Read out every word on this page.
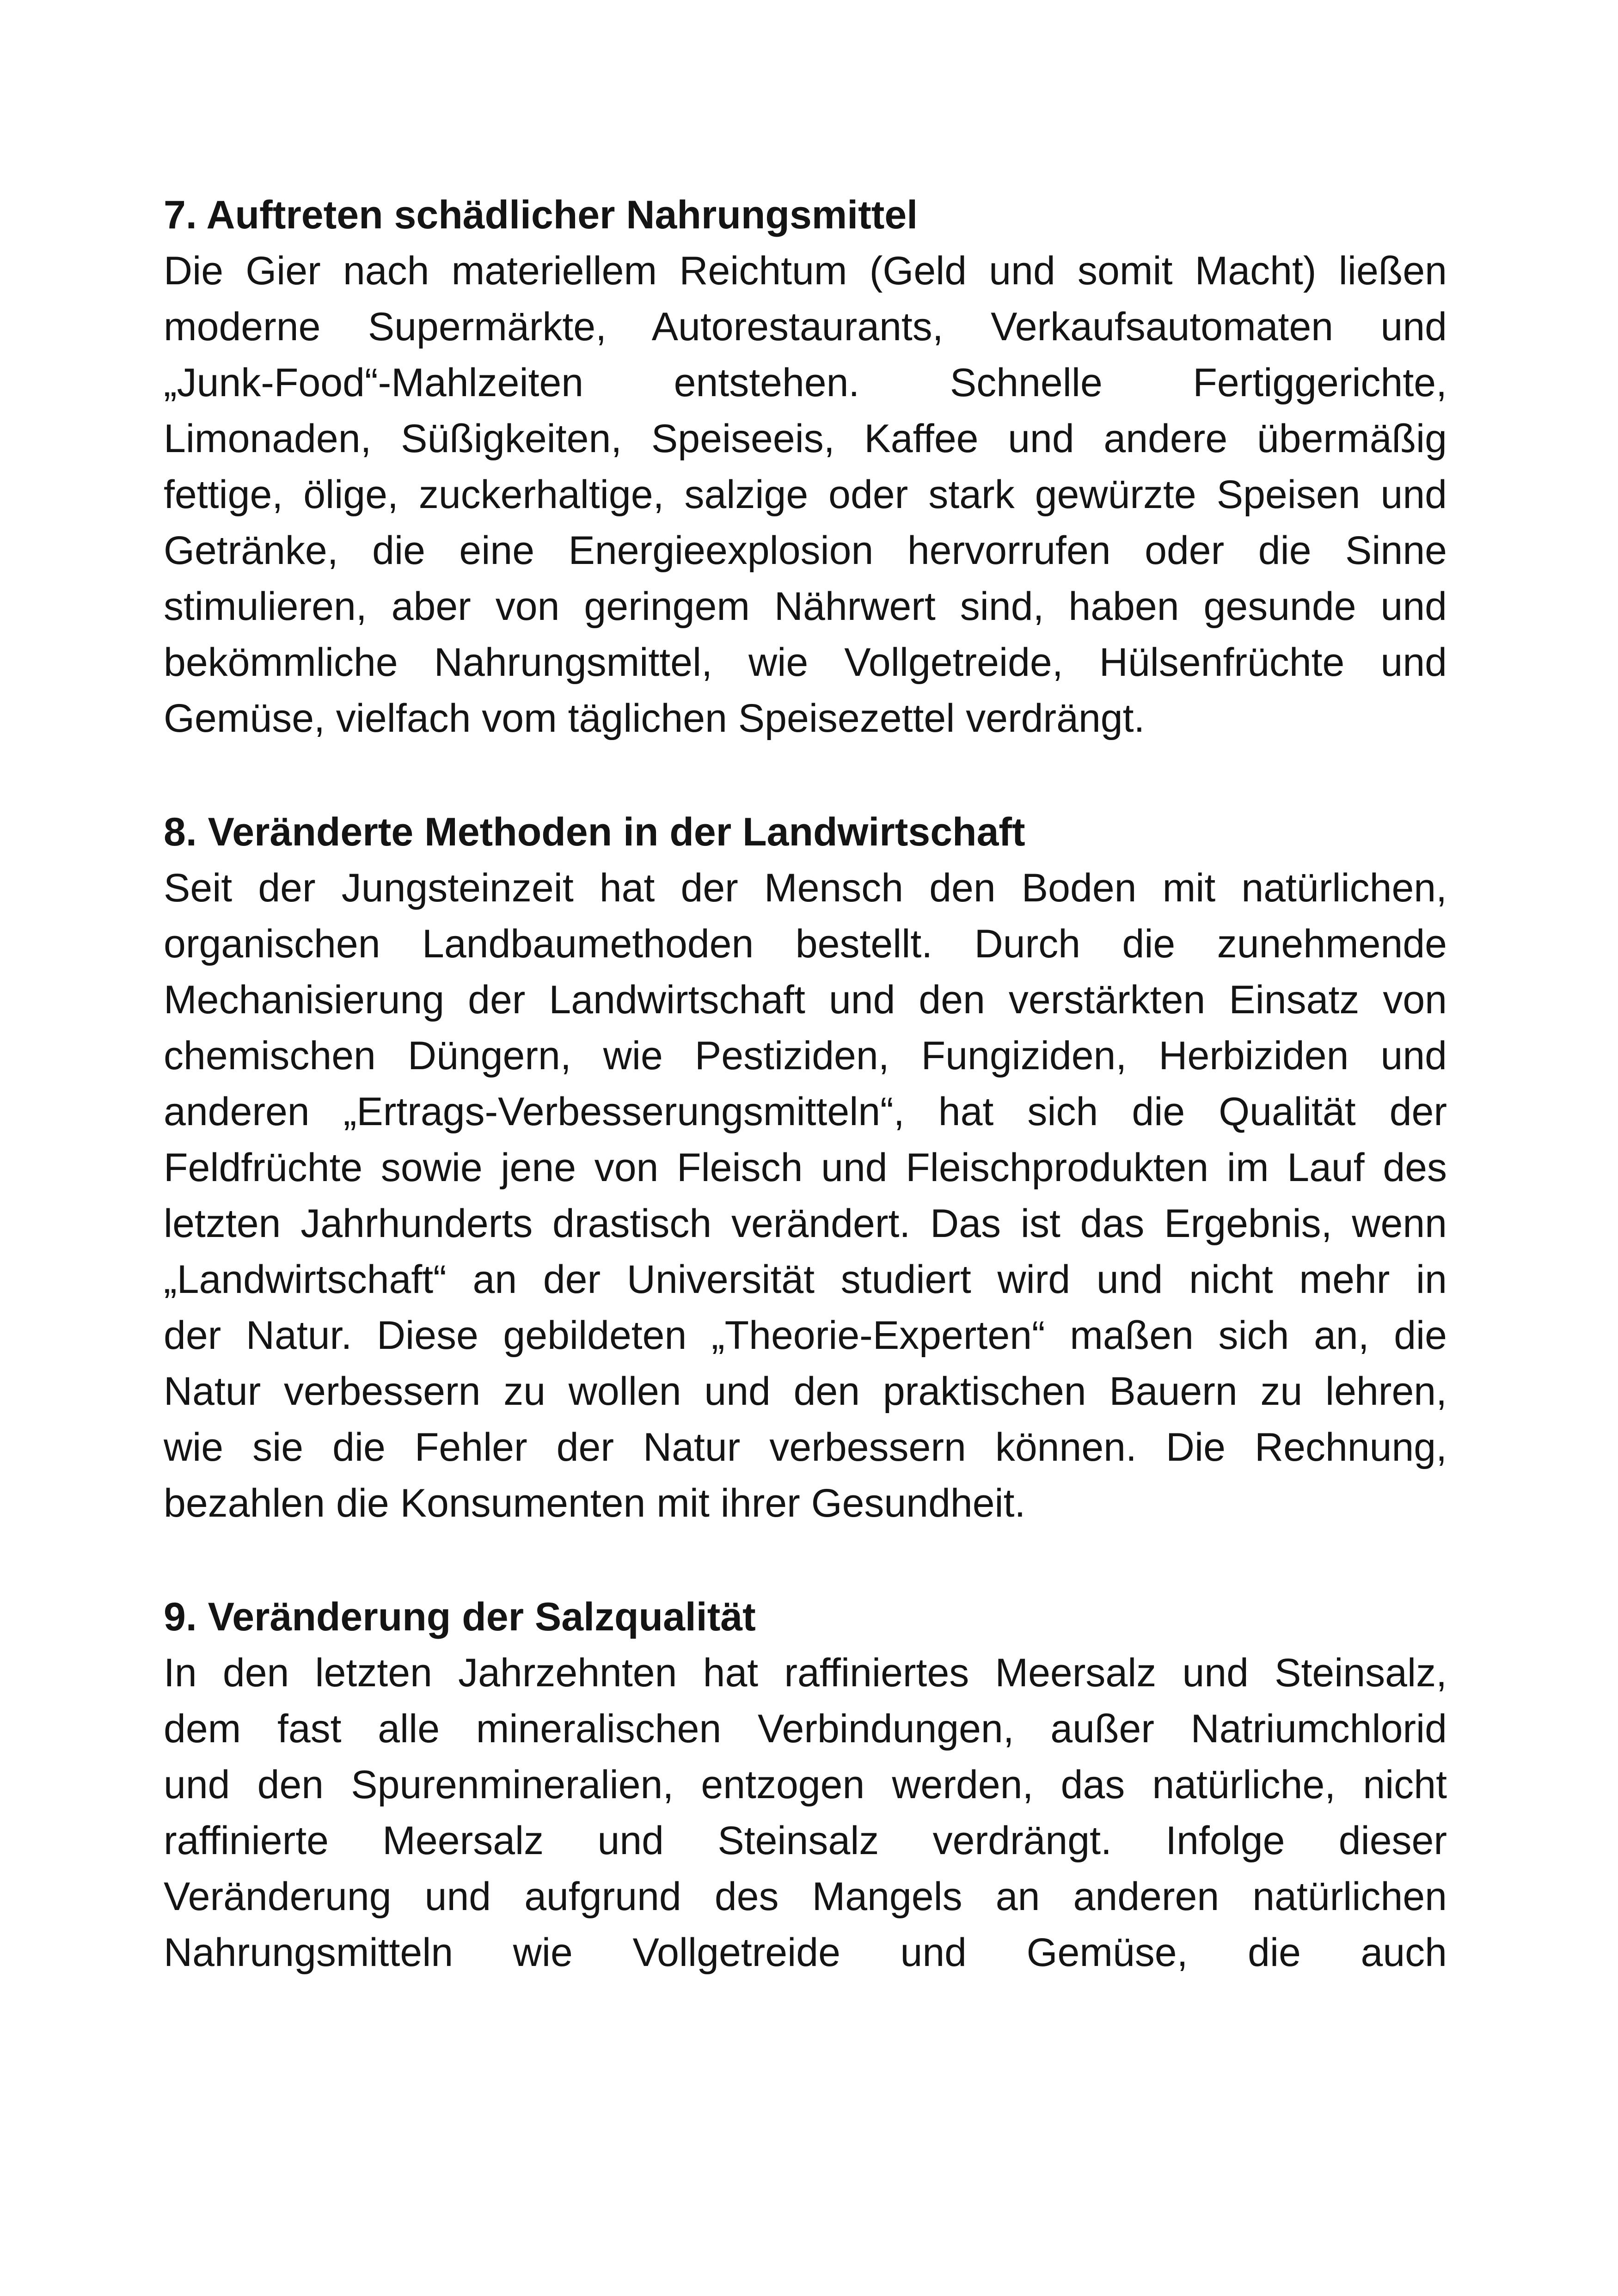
7. Auftreten schädlicher Nahrungsmittel
Die Gier nach materiellem Reichtum (Geld und somit Macht) ließen
moderne Supermärkte, Autorestaurants, Verkaufsautomaten und
„Junk-Food“-Mahlzeiten entstehen. Schnelle Fertiggerichte,
Limonaden, Süßigkeiten, Speiseeis, Kaffee und andere übermäßig
fettige, ölige, zuckerhaltige, salzige oder stark gewürzte Speisen und
Getränke, die eine Energieexplosion hervorrufen oder die Sinne
stimulieren, aber von geringem Nährwert sind, haben gesunde und
bekömmliche Nahrungsmittel, wie Vollgetreide, Hülsenfrüchte und
Gemüse, vielfach vom täglichen Speisezettel verdrängt.
8. Veränderte Methoden in der Landwirtschaft
Seit der Jungsteinzeit hat der Mensch den Boden mit natürlichen,
organischen Landbaumethoden bestellt. Durch die zunehmende
Mechanisierung der Landwirtschaft und den verstärkten Einsatz von
chemischen Düngern, wie Pestiziden, Fungiziden, Herbiziden und
anderen „Ertrags-Verbesserungsmitteln“, hat sich die Qualität der
Feldfrüchte sowie jene von Fleisch und Fleischprodukten im Lauf des
letzten Jahrhunderts drastisch verändert. Das ist das Ergebnis, wenn
„Landwirtschaft“ an der Universität studiert wird und nicht mehr in
der Natur. Diese gebildeten „Theorie-Experten“ maßen sich an, die
Natur verbessern zu wollen und den praktischen Bauern zu lehren,
wie sie die Fehler der Natur verbessern können. Die Rechnung,
bezahlen die Konsumenten mit ihrer Gesundheit.
9. Veränderung der Salzqualität
In den letzten Jahrzehnten hat raffiniertes Meersalz und Steinsalz,
dem fast alle mineralischen Verbindungen, außer Natriumchlorid
und den Spurenmineralien, entzogen werden, das natürliche, nicht
raffinierte Meersalz und Steinsalz verdrängt. Infolge dieser
Veränderung und aufgrund des Mangels an anderen natürlichen
Nahrungsmitteln wie Vollgetreide und Gemüse, die auch
